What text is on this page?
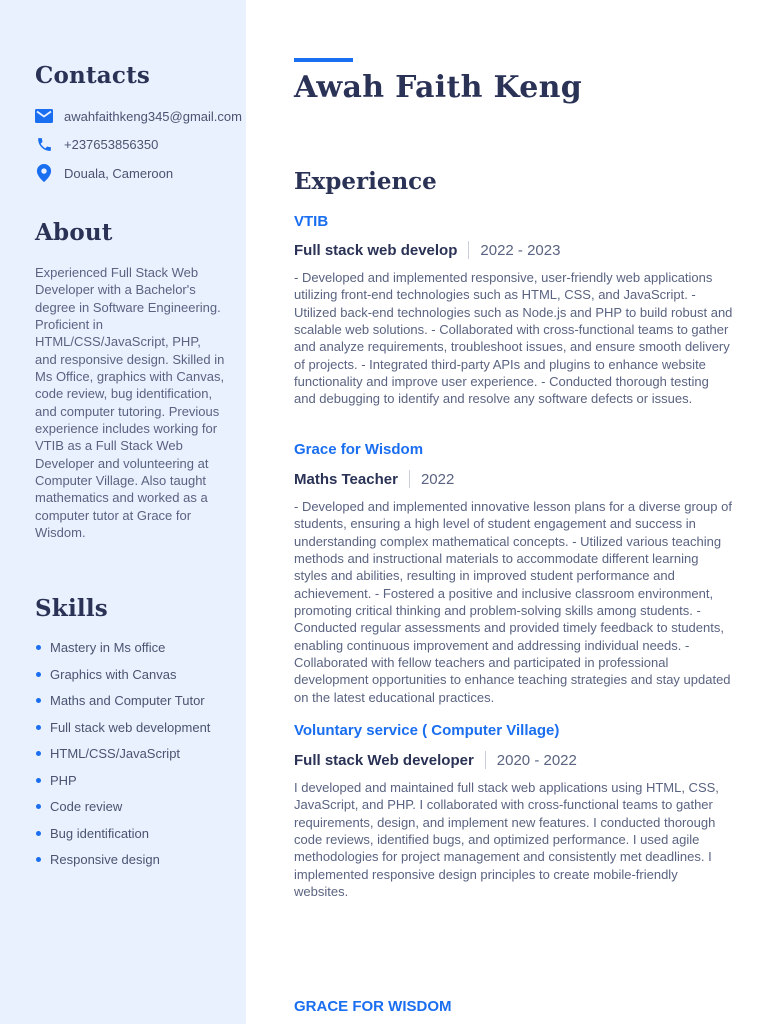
Contacts
awahfaithkeng345@gmail.com
+237653856350
Douala, Cameroon
About

Experienced Full Stack Web Developer with a Bachelor's degree in Software Engineering. Proficient in HTML/CSS/JavaScript, PHP, and responsive design. Skilled in Ms Office, graphics with Canvas, code review, bug identification, and computer tutoring. Previous experience includes working for VTIB as a Full Stack Web Developer and volunteering at Computer Village. Also taught mathematics and worked as a computer tutor at Grace for Wisdom.

Skills
Mastery in Ms office
Graphics with Canvas
Maths and Computer Tutor
Full stack web development
HTML/CSS/JavaScript
PHP
Code review
Bug identification
Responsive design
Awah Faith Keng
Experience
VTIB
Full stack web develop 2022 - 2023

- Developed and implemented responsive, user-friendly web applications utilizing front-end technologies such as HTML, CSS, and JavaScript. - Utilized back-end technologies such as Node.js and PHP to build robust and scalable web solutions. - Collaborated with cross-functional teams to gather and analyze requirements, troubleshoot issues, and ensure smooth delivery of projects. - Integrated third-party APIs and plugins to enhance website functionality and improve user experience. - Conducted thorough testing and debugging to identify and resolve any software defects or issues.

Grace for Wisdom
Maths Teacher 2022

- Developed and implemented innovative lesson plans for a diverse group of students, ensuring a high level of student engagement and success in understanding complex mathematical concepts. - Utilized various teaching methods and instructional materials to accommodate different learning styles and abilities, resulting in improved student performance and achievement. - Fostered a positive and inclusive classroom environment, promoting critical thinking and problem-solving skills among students. - Conducted regular assessments and provided timely feedback to students, enabling continuous improvement and addressing individual needs. - Collaborated with fellow teachers and participated in professional development opportunities to enhance teaching strategies and stay updated on the latest educational practices.

Voluntary service ( Computer Village)
Full stack Web developer 2020 - 2022

I developed and maintained full stack web applications using HTML, CSS, JavaScript, and PHP. I collaborated with cross-functional teams to gather requirements, design, and implement new features. I conducted thorough code reviews, identified bugs, and optimized performance. I used agile methodologies for project management and consistently met deadlines. I implemented responsive design principles to create mobile-friendly websites.

GRACE FOR WISDOM
